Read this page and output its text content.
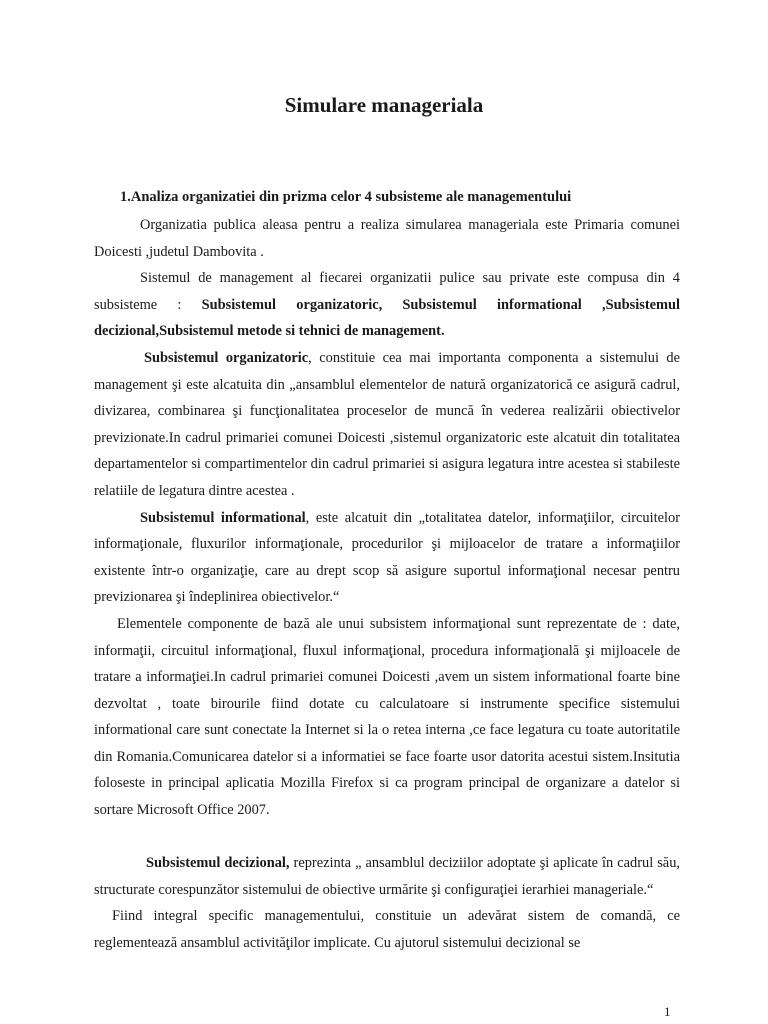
Simulare manageriala

1.Analiza organizatiei din prizma celor 4 subsisteme ale managementului

Organizatia publica aleasa pentru a realiza simularea manageriala este Primaria comunei Doicesti ,judetul Dambovita .

Sistemul de management al fiecarei organizatii pulice sau private este compusa din 4 subsisteme : Subsistemul organizatoric, Subsistemul informational ,Subsistemul decizional,Subsistemul metode si tehnici de management.

Subsistemul organizatoric, constituie cea mai importanta componenta a sistemului de management şi este alcatuita din „ansamblul elementelor de natură organizatorică ce asigură cadrul, divizarea, combinarea şi funcţionalitatea proceselor de muncă în vederea realizării obiectivelor previzionate.In cadrul primariei comunei Doicesti ,sistemul organizatoric este alcatuit din totalitatea departamentelor si compartimentelor din cadrul primariei si asigura legatura intre acestea si stabileste relatiile de legatura dintre acestea .

Subsistemul informational, este alcatuit din „totalitatea datelor, informaţiilor, circuitelor informaţionale, fluxurilor informaţionale, procedurilor şi mijloacelor de tratare a informaţiilor existente într-o organizaţie, care au drept scop să asigure suportul informaţional necesar pentru previzionarea şi îndeplinirea obiectivelor.“

Elementele componente de bază ale unui subsistem informaţional sunt reprezentate de : date, informaţii, circuitul informaţional, fluxul informaţional, procedura informaţională şi mijloacele de tratare a informaţiei.In cadrul primariei comunei Doicesti ,avem un sistem informational foarte bine dezvoltat , toate birourile fiind dotate cu calculatoare si instrumente specifice sistemului informational care sunt conectate la Internet si la o retea interna ,ce face legatura cu toate autoritatile din Romania.Comunicarea datelor si a informatiei se face foarte usor datorita acestui sistem.Insitutia foloseste in principal aplicatia Mozilla Firefox si ca program principal de organizare a datelor si sortare Microsoft Office 2007.

Subsistemul decizional, reprezinta „ ansamblul deciziilor adoptate şi aplicate în cadrul său, structurate corespunzător sistemului de obiective urmărite şi configuraţiei ierarhiei manageriale.“

Fiind integral specific managementului, constituie un adevărat sistem de comandă, ce reglementează ansamblul activităţilor implicate. Cu ajutorul sistemului decizional se

1
